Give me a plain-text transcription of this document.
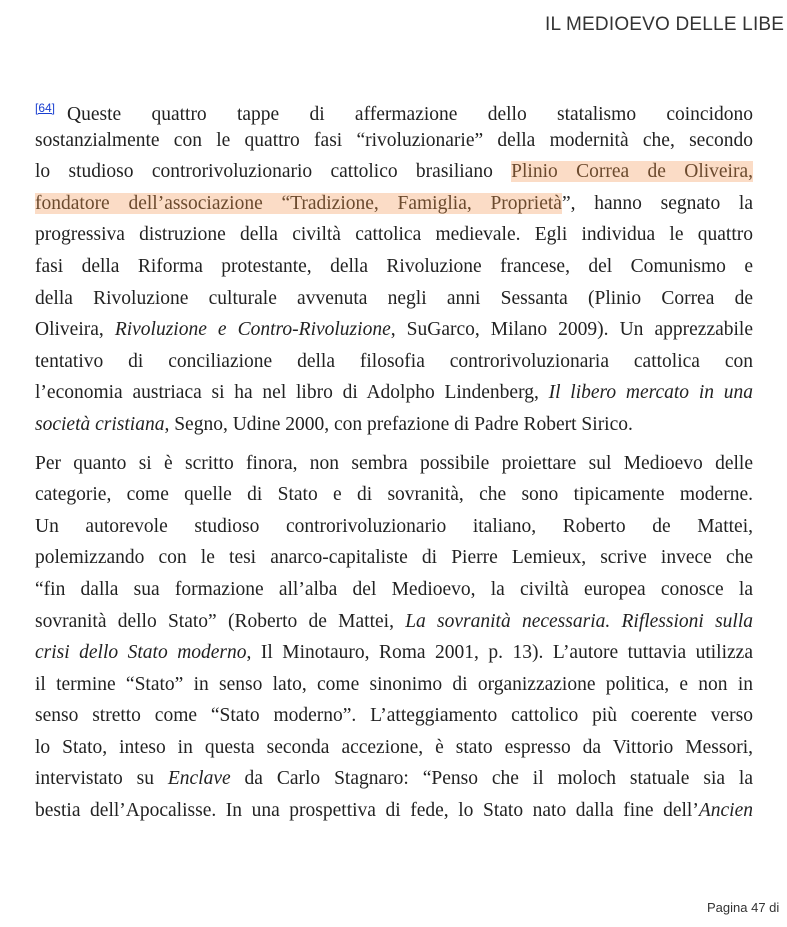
IL MEDIOEVO DELLE LIBE
[64] Queste quattro tappe di affermazione dello statalismo coincidono
sostanzialmente con le quattro fasi “rivoluzionarie” della modernità che, secondo
lo studioso controrivoluzionario cattolico brasiliano Plinio Correa de Oliveira,
fondatore dell’associazione “Tradizione, Famiglia, Proprietà”, hanno segnato la
progressiva distruzione della civiltà cattolica medievale. Egli individua le quattro
fasi della Riforma protestante, della Rivoluzione francese, del Comunismo e
della Rivoluzione culturale avvenuta negli anni Sessanta (Plinio Correa de
Oliveira, Rivoluzione e Contro-Rivoluzione, SuGarco, Milano 2009). Un apprezzabile
tentativo di conciliazione della filosofia controrivoluzionaria cattolica con
l’economia austriaca si ha nel libro di Adolpho Lindenberg, Il libero mercato in una
società cristiana, Segno, Udine 2000, con prefazione di Padre Robert Sirico.
Per quanto si è scritto finora, non sembra possibile proiettare sul Medioevo delle
categorie, come quelle di Stato e di sovranità, che sono tipicamente moderne.
Un autorevole studioso controrivoluzionario italiano, Roberto de Mattei,
polemizzando con le tesi anarco-capitaliste di Pierre Lemieux, scrive invece che
“fin dalla sua formazione all’alba del Medioevo, la civiltà europea conosce la
sovranità dello Stato” (Roberto de Mattei, La sovranità necessaria. Riflessioni sulla
crisi dello Stato moderno, Il Minotauro, Roma 2001, p. 13). L’autore tuttavia utilizza
il termine “Stato” in senso lato, come sinonimo di organizzazione politica, e non in
senso stretto come “Stato moderno”. L’atteggiamento cattolico più coerente verso
lo Stato, inteso in questa seconda accezione, è stato espresso da Vittorio Messori,
intervistato su Enclave da Carlo Stagnaro: “Penso che il moloch statuale sia la
bestia dell’Apocalisse. In una prospettiva di fede, lo Stato nato dalla fine dell’Ancien
Pagina 47 di
